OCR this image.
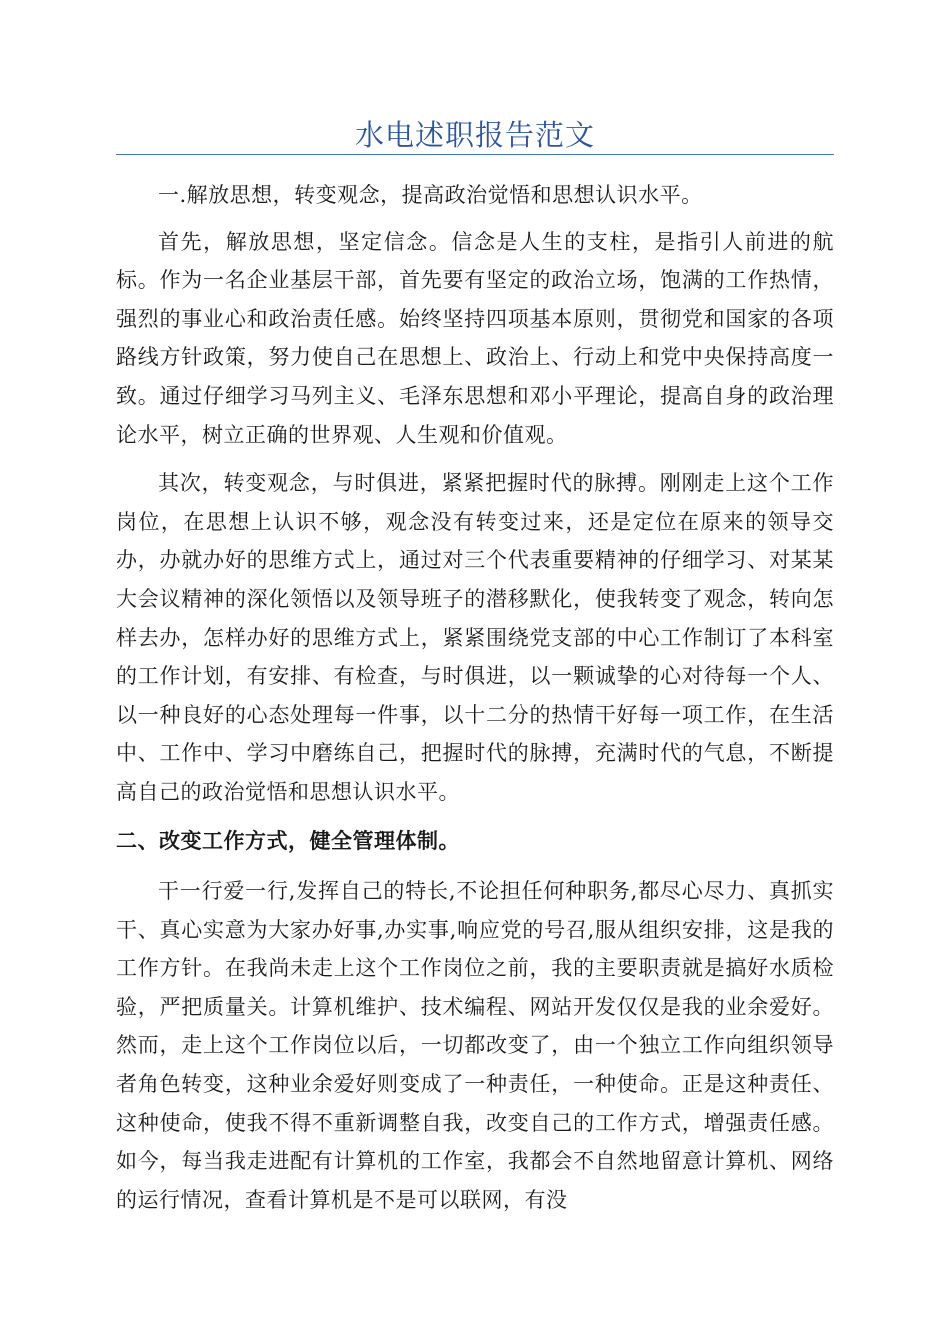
水电述职报告范文

一.解放思想，转变观念，提高政治觉悟和思想认识水平。

首先，解放思想，坚定信念。信念是人生的支柱，是指引人前进的航标。作为一名企业基层干部，首先要有坚定的政治立场，饱满的工作热情，强烈的事业心和政治责任感。始终坚持四项基本原则，贯彻党和国家的各项路线方针政策，努力使自己在思想上、政治上、行动上和党中央保持高度一致。通过仔细学习马列主义、毛泽东思想和邓小平理论，提高自身的政治理论水平，树立正确的世界观、人生观和价值观。

其次，转变观念，与时俱进，紧紧把握时代的脉搏。刚刚走上这个工作岗位，在思想上认识不够，观念没有转变过来，还是定位在原来的领导交办，办就办好的思维方式上，通过对三个代表重要精神的仔细学习、对某某大会议精神的深化领悟以及领导班子的潜移默化，使我转变了观念，转向怎样去办，怎样办好的思维方式上，紧紧围绕党支部的中心工作制订了本科室的工作计划，有安排、有检查，与时俱进，以一颗诚挚的心对待每一个人、以一种良好的心态处理每一件事，以十二分的热情干好每一项工作，在生活中、工作中、学习中磨练自己，把握时代的脉搏，充满时代的气息，不断提高自己的政治觉悟和思想认识水平。

二、改变工作方式，健全管理体制。

干一行爱一行,发挥自己的特长,不论担任何种职务,都尽心尽力、真抓实干、真心实意为大家办好事,办实事,响应党的号召,服从组织安排，这是我的工作方针。在我尚未走上这个工作岗位之前，我的主要职责就是搞好水质检验，严把质量关。计算机维护、技术编程、网站开发仅仅是我的业余爱好。然而，走上这个工作岗位以后，一切都改变了，由一个独立工作向组织领导者角色转变，这种业余爱好则变成了一种责任，一种使命。正是这种责任、这种使命，使我不得不重新调整自我，改变自己的工作方式，增强责任感。如今，每当我走进配有计算机的工作室，我都会不自然地留意计算机、网络的运行情况，查看计算机是不是可以联网，有没
